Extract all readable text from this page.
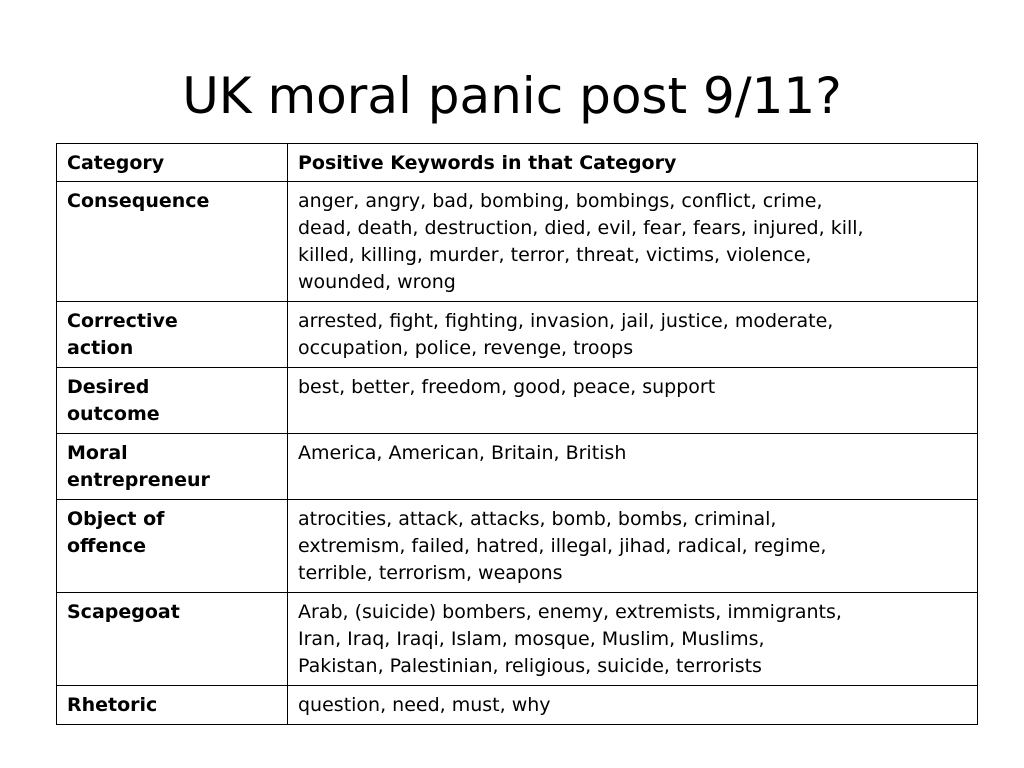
UK moral panic post 9/11?
Category	Positive Keywords in that Category
Consequence	anger, angry, bad, bombing, bombings, conflict, crime,
dead, death, destruction, died, evil, fear, fears, injured, kill,
killed, killing, murder, terror, threat, victims, violence,
wounded, wrong
Corrective
action	arrested, fight, fighting, invasion, jail, justice, moderate,
occupation, police, revenge, troops
Desired
outcome	best, better, freedom, good, peace, support
Moral
entrepreneur	America, American, Britain, British
Object of
offence	atrocities, attack, attacks, bomb, bombs, criminal,
extremism, failed, hatred, illegal, jihad, radical, regime,
terrible, terrorism, weapons
Scapegoat	Arab, (suicide) bombers, enemy, extremists, immigrants,
Iran, Iraq, Iraqi, Islam, mosque, Muslim, Muslims,
Pakistan, Palestinian, religious, suicide, terrorists
Rhetoric	question, need, must, why
